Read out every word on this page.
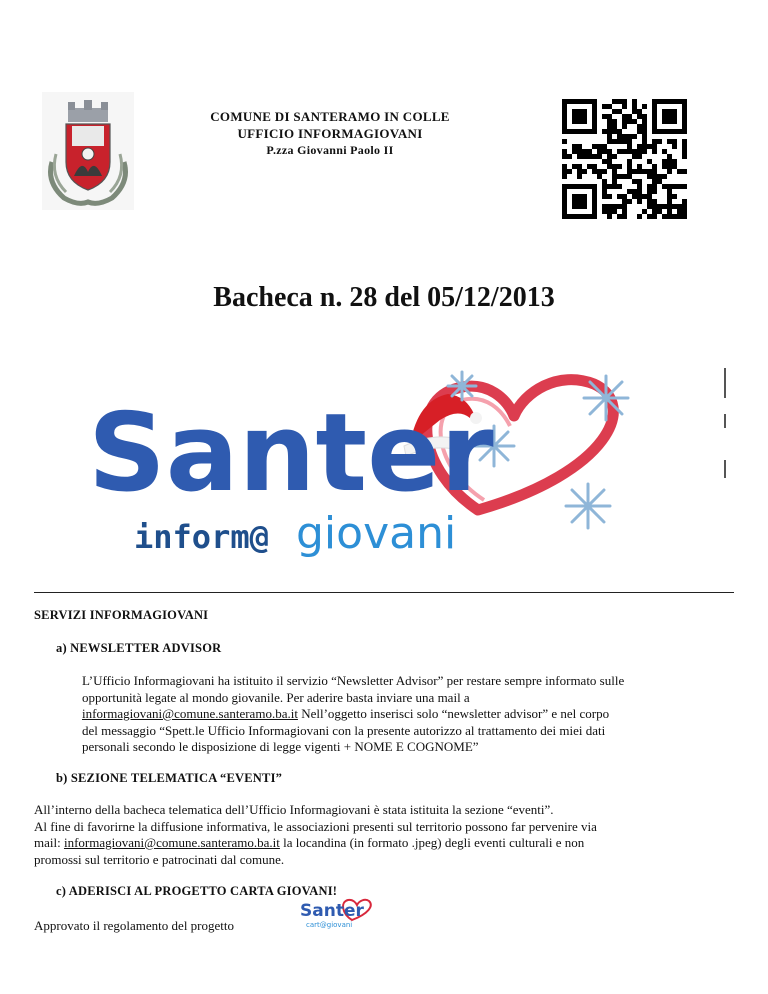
COMUNE DI SANTERAMO IN COLLE
UFFICIO INFORMAGIOVANI
P.zza Giovanni Paolo II
Bacheca n. 28 del 05/12/2013
Santer
inform@ giovani
SERVIZI INFORMAGIOVANI
a) NEWSLETTER ADVISOR
L’Ufficio Informagiovani ha istituito il servizio “Newsletter Advisor” per restare sempre informato sulle
opportunità legate al mondo giovanile. Per aderire basta inviare una mail a
informagiovani@comune.santeramo.ba.it Nell’oggetto inserisci solo “newsletter advisor” e nel corpo
del messaggio “Spett.le Ufficio Informagiovani con la presente autorizzo al trattamento dei miei dati
personali secondo le disposizione di legge vigenti + NOME E COGNOME”
b) SEZIONE TELEMATICA “EVENTI”
All’interno della bacheca telematica dell’Ufficio Informagiovani è stata istituita la sezione “eventi”.
Al fine di favorirne la diffusione informativa, le associazioni presenti sul territorio possono far pervenire via
mail: informagiovani@comune.santeramo.ba.it la locandina (in formato .jpeg) degli eventi culturali e non
promossi sul territorio e patrocinati dal comune.
c) ADERISCI AL PROGETTO CARTA GIOVANI!
Approvato il regolamento del progetto
Santer
cart@giovani
